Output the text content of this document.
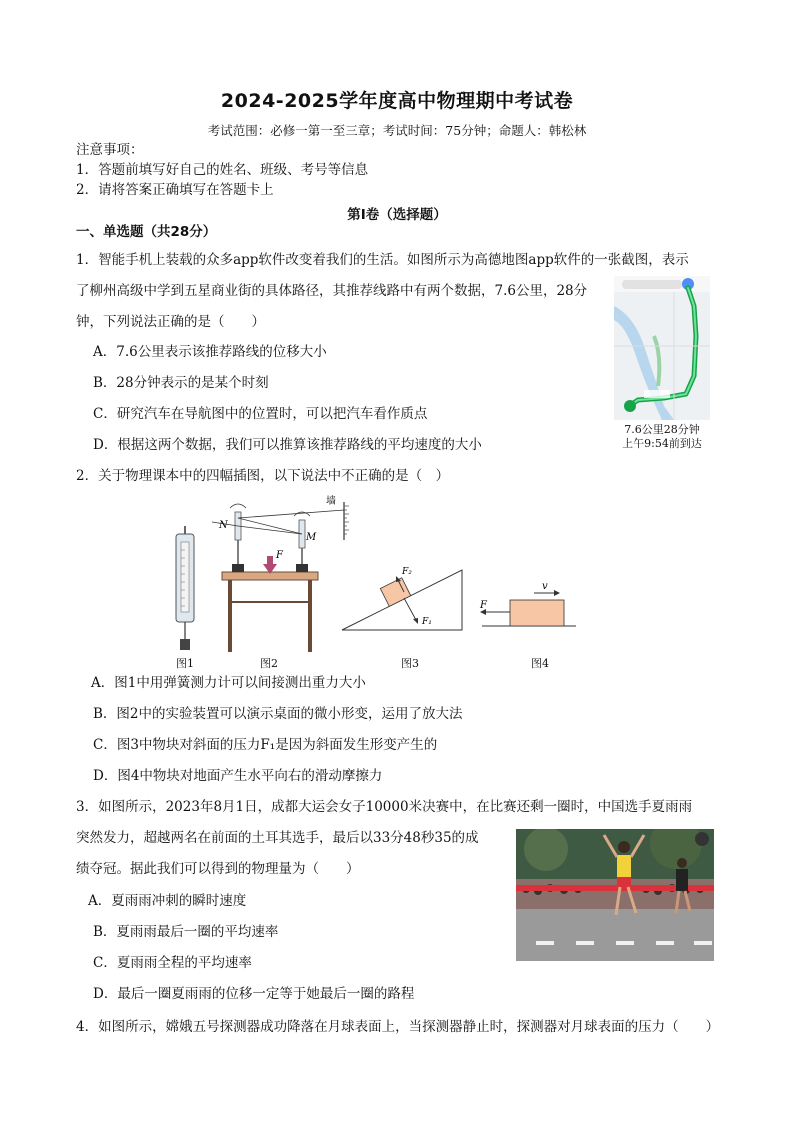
2024-2025学年度高中物理期中考试卷
考试范围：必修一第一至三章；考试时间：75分钟；命题人：韩松林
注意事项：
1．答题前填写好自己的姓名、班级、考号等信息
2．请将答案正确填写在答题卡上
第Ⅰ卷（选择题）
一、单选题（共28分）
1．智能手机上装载的众多app软件改变着我们的生活。如图所示为高德地图app软件的一张截图，表示
了柳州高级中学到五星商业街的具体路径，其推荐线路中有两个数据，7.6公里，28分
钟，下列说法正确的是（　　）
A．7.6公里表示该推荐路线的位移大小
B．28分钟表示的是某个时刻
C．研究汽车在导航图中的位置时，可以把汽车看作质点
D．根据这两个数据，我们可以推算该推荐路线的平均速度的大小
7.6公里28分钟
上午9:54前到达
2．关于物理课本中的四幅插图，以下说法中不正确的是（　）
N
M
F
墙
F₂
F₁
F
v
图1	图2	图3	图4
A．图1中用弹簧测力计可以间接测出重力大小
B．图2中的实验装置可以演示桌面的微小形变，运用了放大法
C．图3中物块对斜面的压力F₁是因为斜面发生形变产生的
D．图4中物块对地面产生水平向右的滑动摩擦力
3．如图所示，2023年8月1日，成都大运会女子10000米决赛中，在比赛还剩一圈时，中国选手夏雨雨
突然发力，超越两名在前面的土耳其选手，最后以33分48秒35的成
绩夺冠。据此我们可以得到的物理量为（　　）
A．夏雨雨冲刺的瞬时速度
B．夏雨雨最后一圈的平均速率
C．夏雨雨全程的平均速率
D．最后一圈夏雨雨的位移一定等于她最后一圈的路程
4．如图所示，嫦娥五号探测器成功降落在月球表面上，当探测器静止时，探测器对月球表面的压力（　　）
